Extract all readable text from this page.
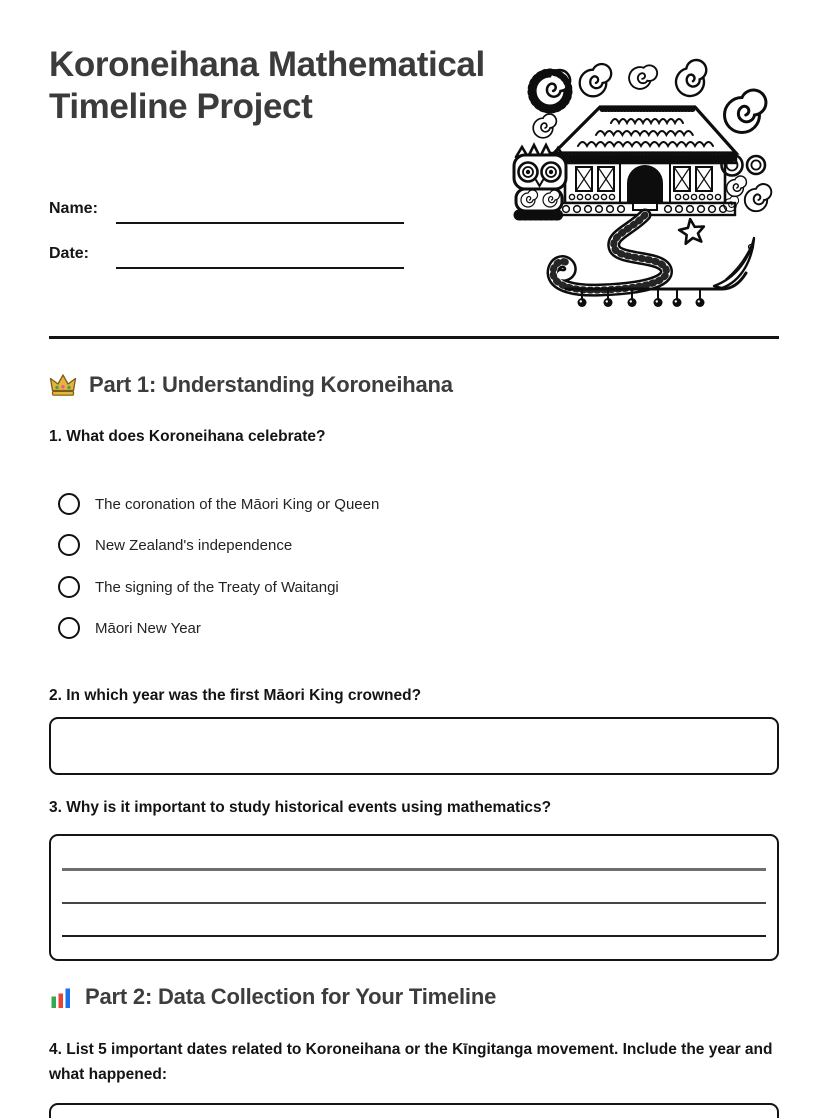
Koroneihana Mathematical Timeline Project
Name:
Date:
Part 1: Understanding Koroneihana
1. What does Koroneihana celebrate?
The coronation of the Māori King or Queen
New Zealand's independence
The signing of the Treaty of Waitangi
Māori New Year
2. In which year was the first Māori King crowned?
3. Why is it important to study historical events using mathematics?
Part 2: Data Collection for Your Timeline
4. List 5 important dates related to Koroneihana or the Kīngitanga movement. Include the year and what happened:
